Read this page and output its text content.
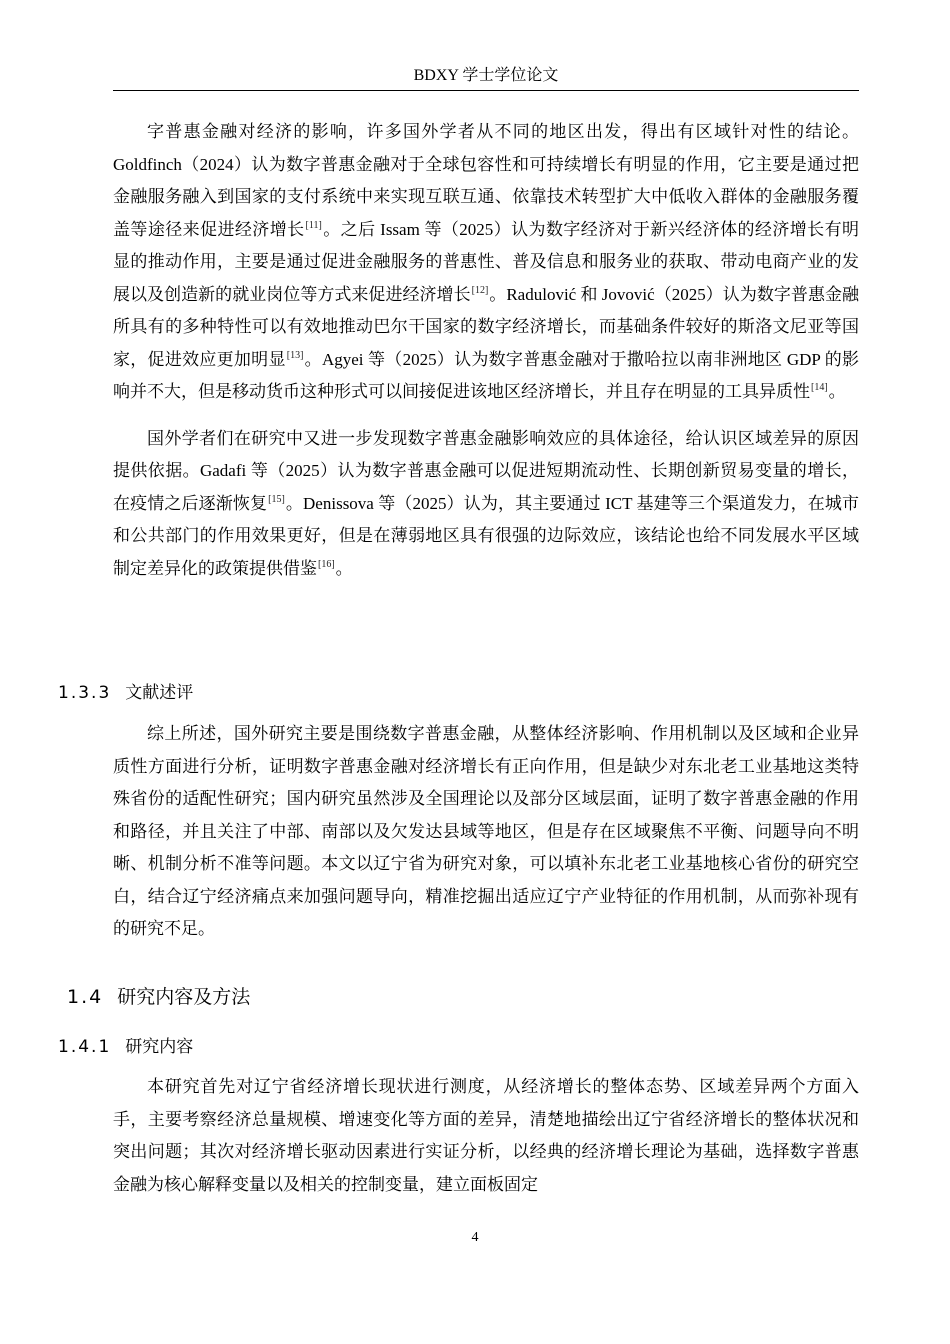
BDXY 学士学位论文

字普惠金融对经济的影响，许多国外学者从不同的地区出发，得出有区域针对性的结论。Goldfinch（2024）认为数字普惠金融对于全球包容性和可持续增长有明显的作用，它主要是通过把金融服务融入到国家的支付系统中来实现互联互通、依靠技术转型扩大中低收入群体的金融服务覆盖等途径来促进经济增长[11]。之后 Issam 等（2025）认为数字经济对于新兴经济体的经济增长有明显的推动作用，主要是通过促进金融服务的普惠性、普及信息和服务业的获取、带动电商产业的发展以及创造新的就业岗位等方式来促进经济增长[12]。Radulović 和 Jovović（2025）认为数字普惠金融所具有的多种特性可以有效地推动巴尔干国家的数字经济增长，而基础条件较好的斯洛文尼亚等国家，促进效应更加明显[13]。Agyei 等（2025）认为数字普惠金融对于撒哈拉以南非洲地区 GDP 的影响并不大，但是移动货币这种形式可以间接促进该地区经济增长，并且存在明显的工具异质性[14]。

国外学者们在研究中又进一步发现数字普惠金融影响效应的具体途径，给认识区域差异的原因提供依据。Gadafi 等（2025）认为数字普惠金融可以促进短期流动性、长期创新贸易变量的增长，在疫情之后逐渐恢复[15]。Denissova 等（2025）认为，其主要通过 ICT 基建等三个渠道发力，在城市和公共部门的作用效果更好，但是在薄弱地区具有很强的边际效应，该结论也给不同发展水平区域制定差异化的政策提供借鉴[16]。

1.3.3 文献述评

综上所述，国外研究主要是围绕数字普惠金融，从整体经济影响、作用机制以及区域和企业异质性方面进行分析，证明数字普惠金融对经济增长有正向作用，但是缺少对东北老工业基地这类特殊省份的适配性研究；国内研究虽然涉及全国理论以及部分区域层面，证明了数字普惠金融的作用和路径，并且关注了中部、南部以及欠发达县域等地区，但是存在区域聚焦不平衡、问题导向不明晰、机制分析不准等问题。本文以辽宁省为研究对象，可以填补东北老工业基地核心省份的研究空白，结合辽宁经济痛点来加强问题导向，精准挖掘出适应辽宁产业特征的作用机制，从而弥补现有的研究不足。

1.4 研究内容及方法
1.4.1 研究内容

本研究首先对辽宁省经济增长现状进行测度，从经济增长的整体态势、区域差异两个方面入手，主要考察经济总量规模、增速变化等方面的差异，清楚地描绘出辽宁省经济增长的整体状况和突出问题；其次对经济增长驱动因素进行实证分析，以经典的经济增长理论为基础，选择数字普惠金融为核心解释变量以及相关的控制变量，建立面板固定

4
